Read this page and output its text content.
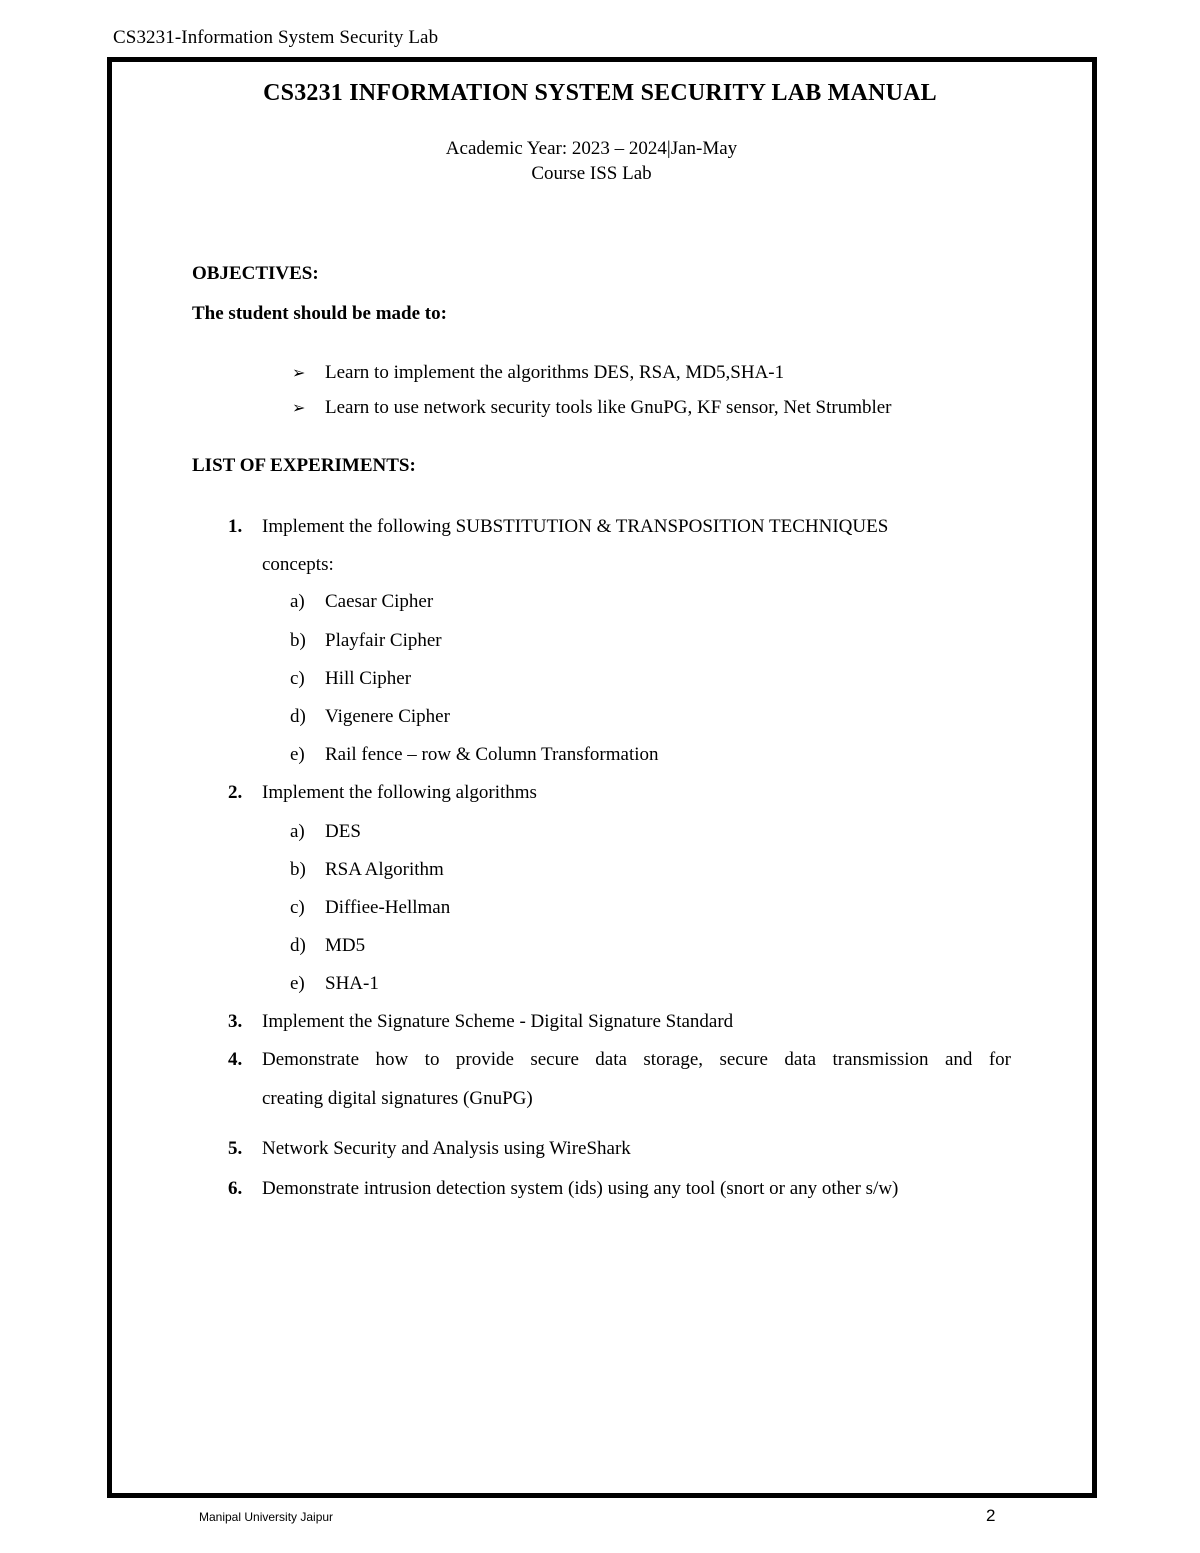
CS3231-Information System Security Lab
CS3231 INFORMATION SYSTEM SECURITY LAB MANUAL
Academic Year: 2023 – 2024|Jan-May
Course ISS Lab
OBJECTIVES:
The student should be made to:
➢ Learn to implement the algorithms DES, RSA, MD5,SHA-1
➢ Learn to use network security tools like GnuPG, KF sensor, Net Strumbler
LIST OF EXPERIMENTS:
1. Implement the following SUBSTITUTION & TRANSPOSITION TECHNIQUES
concepts:
a) Caesar Cipher
b) Playfair Cipher
c) Hill Cipher
d) Vigenere Cipher
e) Rail fence – row & Column Transformation
2. Implement the following algorithms
a) DES
b) RSA Algorithm
c) Diffiee-Hellman
d) MD5
e) SHA-1
3. Implement the Signature Scheme - Digital Signature Standard
4. Demonstrate how to provide secure data storage, secure data transmission and for
creating digital signatures (GnuPG)
5. Network Security and Analysis using WireShark
6. Demonstrate intrusion detection system (ids) using any tool (snort or any other s/w)
Manipal University Jaipur	2
